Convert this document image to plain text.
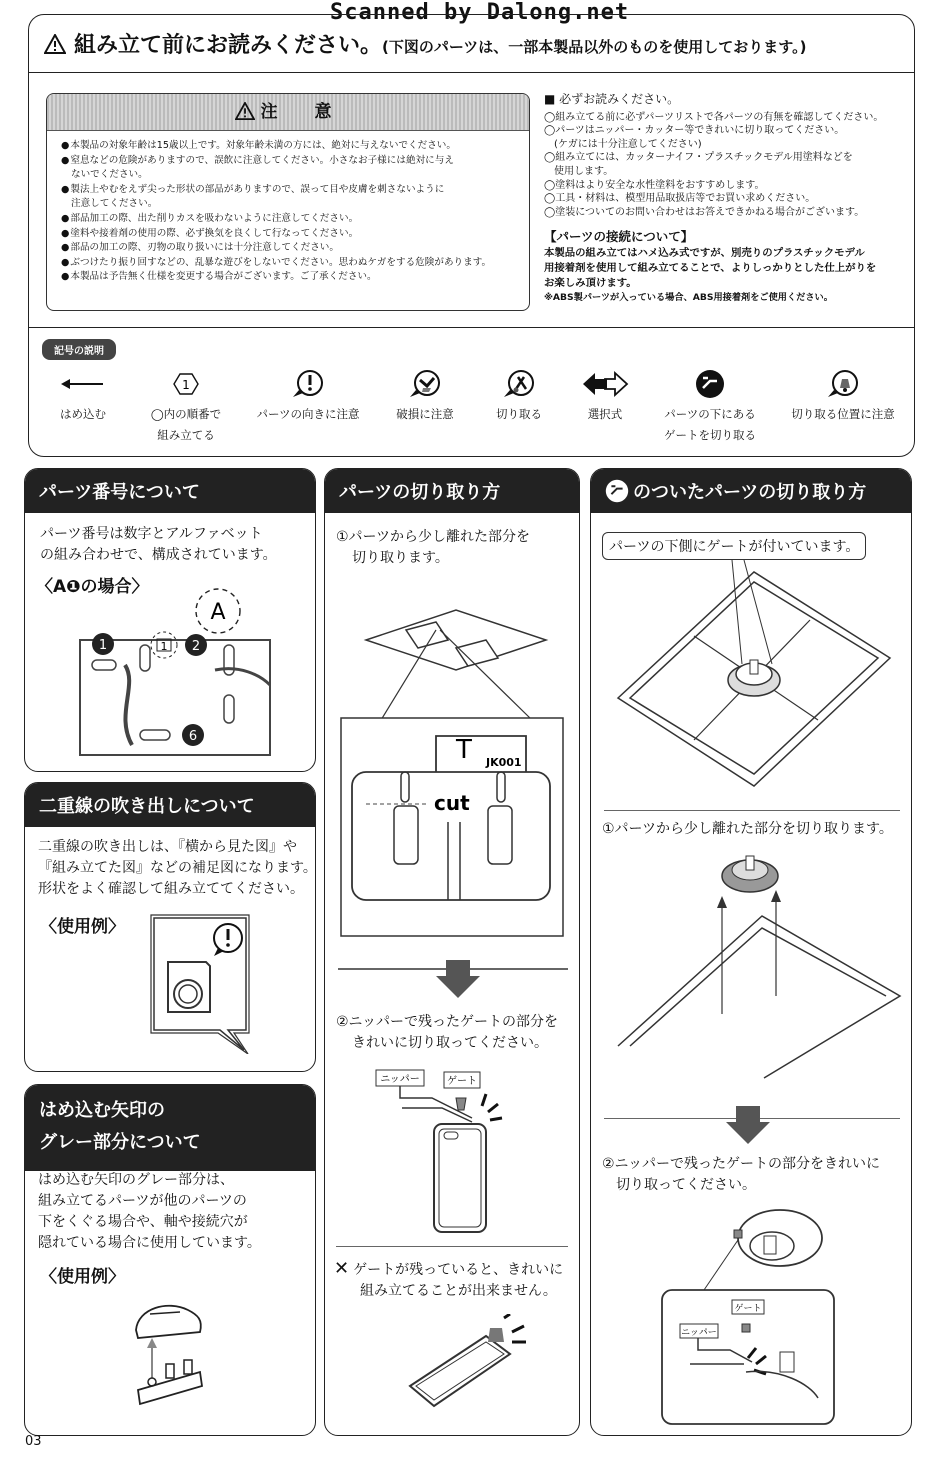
Scanned by Dalong.net
組み立て前にお読みください。(下図のパーツは、一部本製品以外のものを使用しております。)
注　意
● 本製品の対象年齢は15歳以上です。対象年齢未満の方には、絶対に与えないでください。
● 窒息などの危険がありますので、誤飲に注意してください。小さなお子様には絶対に与え
ないでください。
● 製法上やむをえず尖った形状の部品がありますので、誤って目や皮膚を刺さないように
注意してください。
● 部品加工の際、出た削りカスを吸わないように注意してください。
● 塗料や接着剤の使用の際、必ず換気を良くして行なってください。
● 部品の加工の際、刃物の取り扱いには十分注意してください。
● ぶつけたり振り回すなどの、乱暴な遊びをしないでください。思わぬケガをする危険があります。
● 本製品は予告無く仕様を変更する場合がございます。ご了承ください。
■ 必ずお読みください。
◯組み立てる前に必ずパーツリストで各パーツの有無を確認してください。
◯パーツはニッパー・カッター等できれいに切り取ってください。
　(ケガには十分注意してください)
◯組み立てには、カッターナイフ・プラスチックモデル用塗料などを
　使用します。
◯塗料はより安全な水性塗料をおすすめします。
◯工具・材料は、模型用品取扱店等でお買い求めください。
◯塗装についてのお問い合わせはお答えできかねる場合がございます。
【パーツの接続について】
本製品の組み立てはハメ込み式ですが、別売りのプラスチックモデル
用接着剤を使用して組み立てることで、よりしっかりとした仕上がりを
お楽しみ頂けます。
※ABS製パーツが入っている場合、ABS用接着剤をご使用ください。
記号の説明
はめ込む
1
◯内の順番で
組み立てる
パーツの向きに注意	破損に注意	切り取る	選択式	パーツの下にある
ゲートを切り取る
切り取る位置に注意
パーツ番号について
パーツ番号は数字とアルファベット
の組み合わせで、構成されています。
〈A❶の場合〉
A
1	1 2
6
二重線の吹き出しについて
二重線の吹き出しは、『横から見た図』や
『組み立てた図』などの補足図になります。
形状をよく確認して組み立ててください。
〈使用例〉
はめ込む矢印の
グレー部分について
はめ込む矢印のグレー部分は、
組み立てるパーツが他のパーツの
下をくぐる場合や、軸や接続穴が
隠れている場合に使用しています。
〈使用例〉
パーツの切り取り方
①パーツから少し離れた部分を
切り取ります。
T JK001
cut
②ニッパーで残ったゲートの部分を
きれいに切り取ってください。
ニッパー	ゲート
✕ ゲートが残っていると、きれいに
組み立てることが出来ません。
のついたパーツの切り取り方
パーツの下側にゲートが付いています。
①パーツから少し離れた部分を切り取ります。
②ニッパーで残ったゲートの部分をきれいに
切り取ってください。
ゲート
ニッパー
03
